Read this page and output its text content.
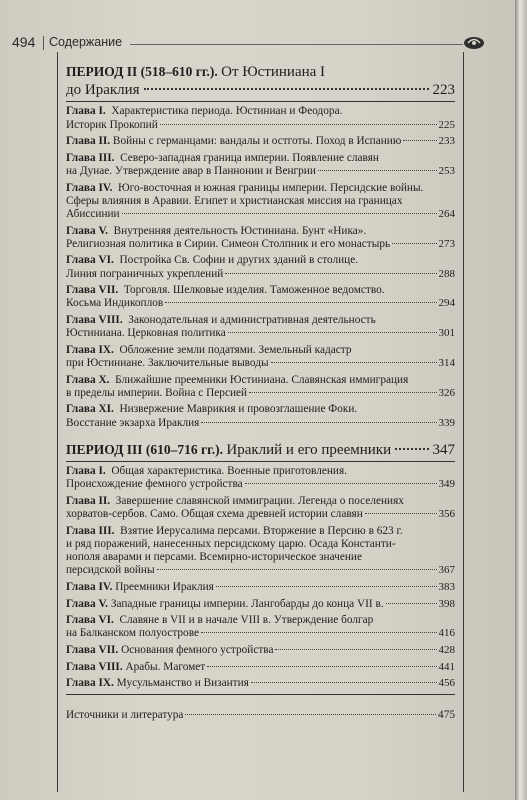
494 Содержание
ПЕРИОД II (518–610 гг.). От Юстиниана I
до Ираклия	223
Глава I.  Характеристика периода. Юстиниан и Феодора.
Историк Прокопий	225
Глава II. Войны с германцами: вандалы и остготы. Поход в Испанию	233
Глава III.  Северо-западная граница империи. Появление славян
на Дунае. Утверждение авар в Паннонии и Венгрии	253
Глава IV.  Юго-восточная и южная границы империи. Персидские войны.
Сферы влияния в Аравии. Египет и христианская миссия на границах
Абиссинии	264
Глава V.  Внутренняя деятельность Юстиниана. Бунт «Ника».
Религиозная политика в Сирии. Симеон Столпник и его монастырь	273
Глава VI.  Постройка Св. Софии и других зданий в столице.
Линия пограничных укреплений	288
Глава VII.  Торговля. Шелковые изделия. Таможенное ведомство.
Косьма Индикоплов	294
Глава VIII.  Законодательная и административная деятельность
Юстиниана. Церковная политика	301
Глава IX.  Обложение земли податями. Земельный кадастр
при Юстиниане. Заключительные выводы	314
Глава X.  Ближайшие преемники Юстиниана. Славянская иммиграция
в пределы империи. Война с Персией	326
Глава XI.  Низвержение Маврикия и провозглашение Фоки.
Восстание экзарха Ираклия	339
ПЕРИОД III (610–716 гг.). Ираклий и его преемники	347
Глава I.  Общая характеристика. Военные приготовления.
Происхождение фемного устройства	349
Глава II.  Завершение славянской иммиграции. Легенда о поселениях
хорватов-сербов. Само. Общая схема древней истории славян	356
Глава III.  Взятие Иерусалима персами. Вторжение в Персию в 623 г.
и ряд поражений, нанесенных персидскому царю. Осада Константи-
нополя аварами и персами. Всемирно-историческое значение
персидской войны	367
Глава IV. Преемники Ираклия	383
Глава V. Западные границы империи. Лангобарды до конца VII в.	398
Глава VI.  Славяне в VII и в начале VIII в. Утверждение болгар
на Балканском полуострове	416
Глава VII. Основания фемного устройства	428
Глава VIII. Арабы. Магомет	441
Глава IX. Мусульманство и Византия	456
Источники и литература	475
